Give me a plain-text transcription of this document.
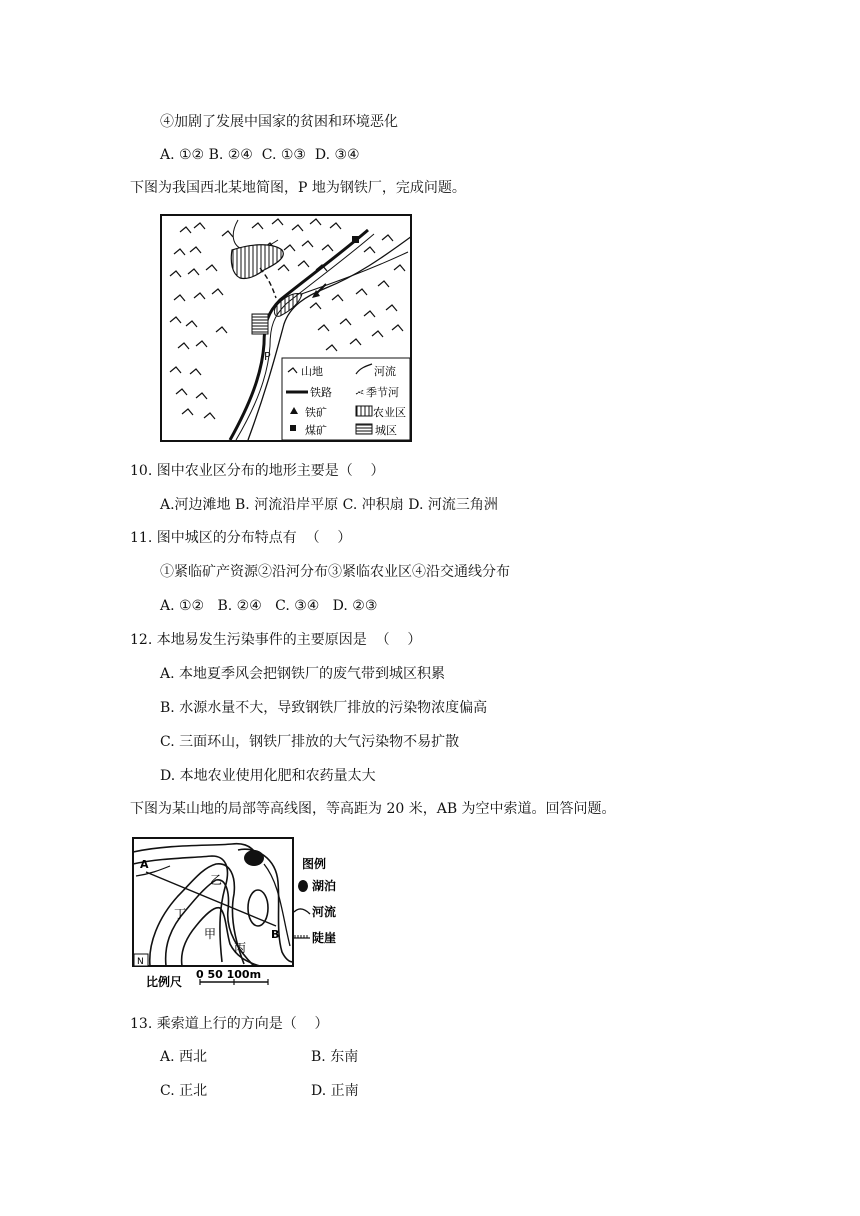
④加剧了发展中国家的贫困和环境恶化
A. ①② B. ②④  C. ①③  D. ③④
下图为我国西北某地简图，P 地为钢铁厂，完成问题。
P
山地	河流
铁路	季节河
铁矿	农业区
煤矿	城区
10. 图中农业区分布的地形主要是（    ）
A.河边滩地 B. 河流沿岸平原 C. 冲积扇 D. 河流三角洲
11. 图中城区的分布特点有  （    ）
①紧临矿产资源②沿河分布③紧临农业区④沿交通线分布
A. ①②   B. ②④   C. ③④   D. ②③
12. 本地易发生污染事件的主要原因是  （    ）
A. 本地夏季风会把钢铁厂的废气带到城区积累
B. 水源水量不大，导致钢铁厂排放的污染物浓度偏高
C. 三面环山，钢铁厂排放的大气污染物不易扩散
D. 本地农业使用化肥和农药量太大
下图为某山地的局部等高线图，等高距为 20 米，AB 为空中索道。回答问题。
A
B
乙
丁
甲
丙
N
图例
湖泊
河流
陡崖
比例尺
0 50 100m
13. 乘索道上行的方向是（    ）
A. 西北	B. 东南
C. 正北	D. 正南
